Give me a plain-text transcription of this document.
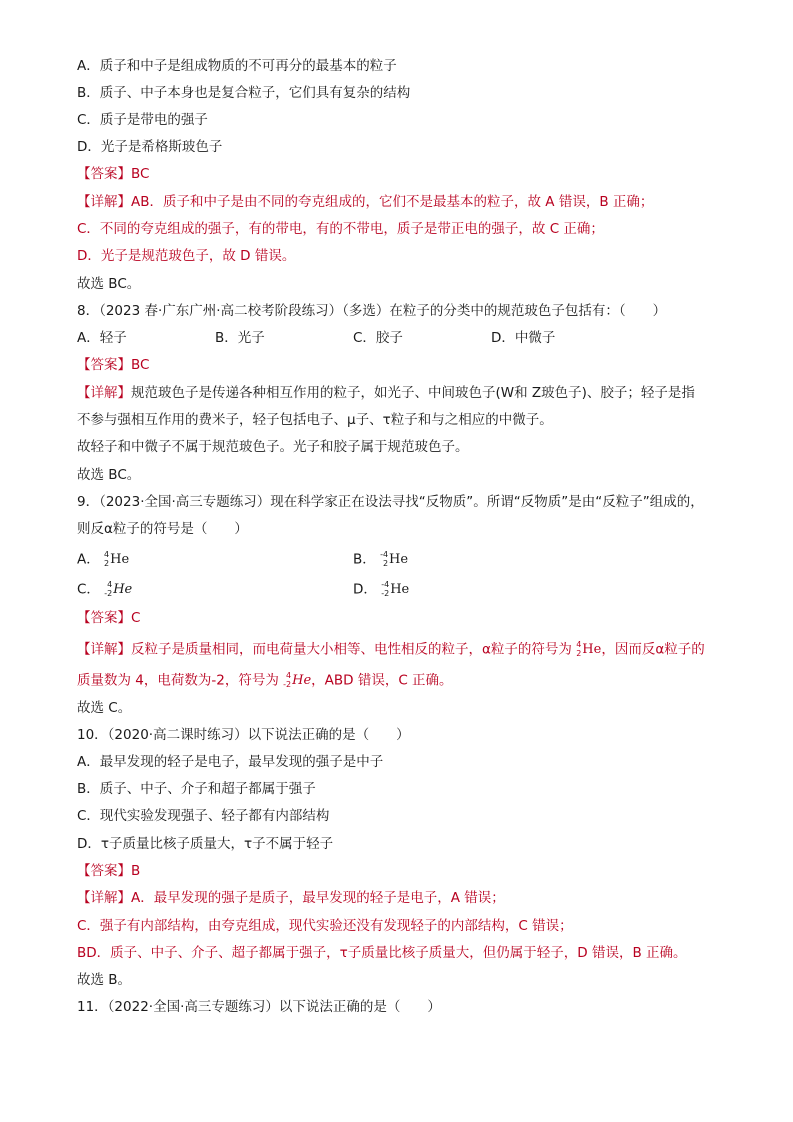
A．质子和中子是组成物质的不可再分的最基本的粒子
B．质子、中子本身也是复合粒子，它们具有复杂的结构
C．质子是带电的强子
D．光子是希格斯玻色子
【答案】BC
【详解】AB．质子和中子是由不同的夸克组成的，它们不是最基本的粒子，故 A 错误，B 正确；
C．不同的夸克组成的强子，有的带电，有的不带电，质子是带正电的强子，故 C 正确；
D．光子是规范玻色子，故 D 错误。
故选 BC。
8．（2023 春·广东广州·高二校考阶段练习）（多选）在粒子的分类中的规范玻色子包括有：（　　）
A．轻子	B．光子	C．胶子	D．中微子
【答案】BC
【详解】规范玻色子是传递各种相互作用的粒子，如光子、中间玻色子(W和 Z玻色子)、胶子；轻子是指
不参与强相互作用的费米子，轻子包括电子、μ子、τ粒子和与之相应的中微子。
故轻子和中微子不属于规范玻色子。光子和胶子属于规范玻色子。
故选 BC。
9．（2023·全国·高三专题练习）现在科学家正在设法寻找“反物质”。所谓“反物质”是由“反粒子”组成的，
则反α粒子的符号是（　　）
A． 4
2 He	B． -4
2 He
C． 4
-2 He	D． -4
-2 He
【答案】C
【详解】反粒子是质量相同，而电荷量大小相等、电性相反的粒子，α粒子的符号为 4
2 He，因而反α粒子的
质量数为 4，电荷数为-2，符号为 4
-2 He，ABD 错误，C 正确。
故选 C。
10．（2020·高二课时练习）以下说法正确的是（　　）
A．最早发现的轻子是电子，最早发现的强子是中子
B．质子、中子、介子和超子都属于强子
C．现代实验发现强子、轻子都有内部结构
D．τ子质量比核子质量大，τ子不属于轻子
【答案】B
【详解】A．最早发现的强子是质子，最早发现的轻子是电子，A 错误；
C．强子有内部结构，由夸克组成，现代实验还没有发现轻子的内部结构，C 错误；
BD．质子、中子、介子、超子都属于强子，τ子质量比核子质量大，但仍属于轻子，D 错误，B 正确。
故选 B。
11．（2022·全国·高三专题练习）以下说法正确的是（　　）
